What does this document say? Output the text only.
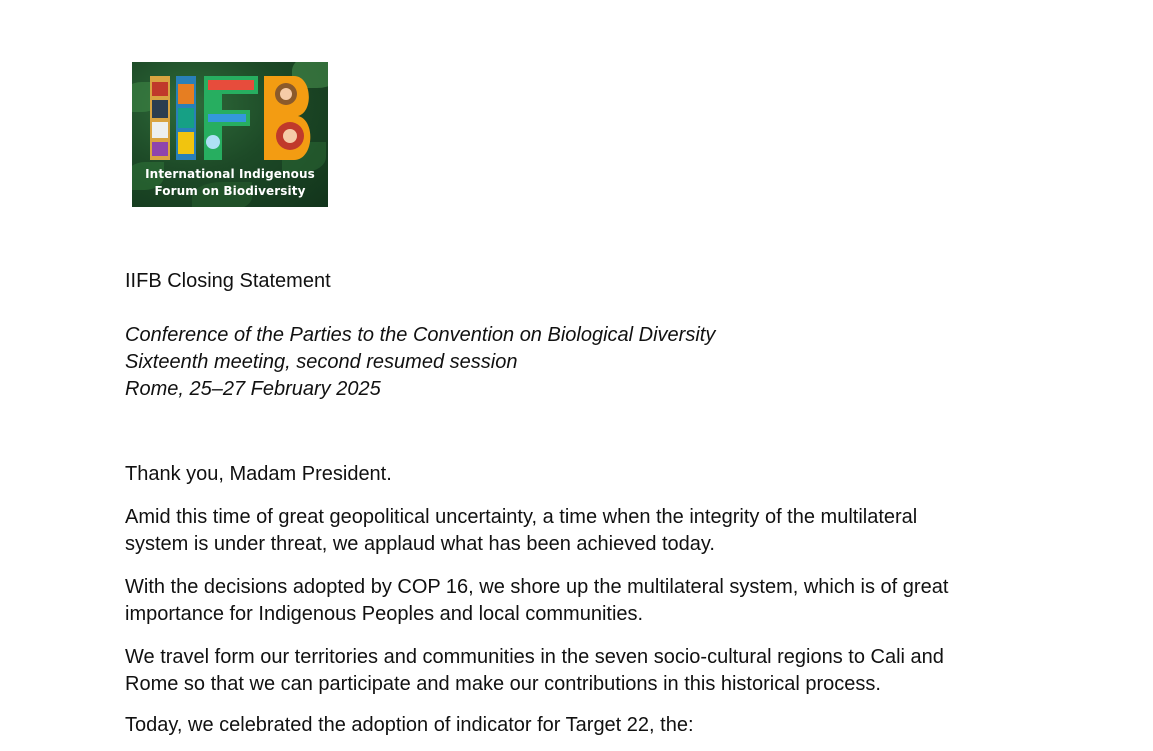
International Indigenous
Forum on Biodiversity
IIFB Closing Statement
Conference of the Parties to the Convention on Biological Diversity
Sixteenth meeting, second resumed session
Rome, 25–27 February 2025
Thank you, Madam President.
Amid this time of great geopolitical uncertainty, a time when the integrity of the multilateral
system is under threat, we applaud what has been achieved today.
With the decisions adopted by COP 16, we shore up the multilateral system, which is of great
importance for Indigenous Peoples and local communities.
We travel form our territories and communities in the seven socio-cultural regions to Cali and
Rome so that we can participate and make our contributions in this historical process.
Today, we celebrated the adoption of indicator for Target 22, the:
